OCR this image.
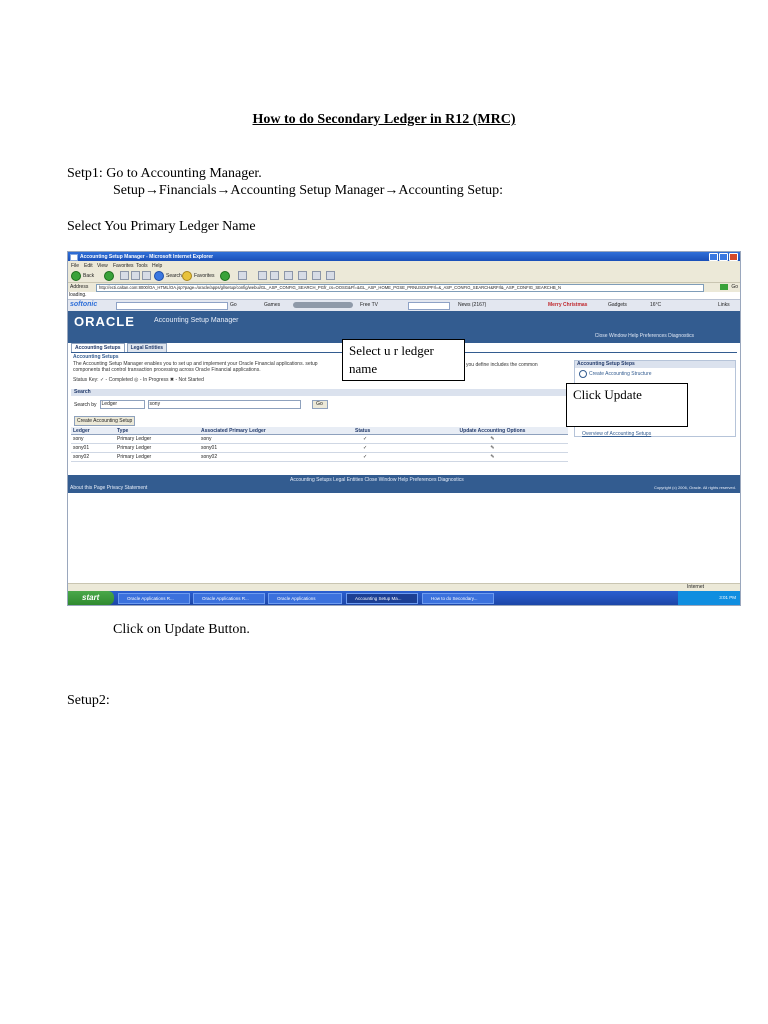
How to do Secondary Ledger in R12 (MRC)
Setp1: Go to Accounting Manager.
Setup→Financials→Accounting Setup Manager→Accounting Setup:
Select You Primary Ledger Name
Accounting Setup Manager - Microsoft Internet Explorer
File Edit View Favorites Tools Help
Back	Search Favorites
Address	http://ecti.caltan.com:8000/OA_HTML/OA.jsp?page=/oracle/apps/gl/setup/config/webui/GL_ASP_CONFIG_SEARCH_PGfr_cs=OOSG&Ff=&GL_ASP_HOME_PGSE_PRNUSOUPFrl=&_ASP_CONFIG_SEARCH&RFrl&_ASP_CONFIG_SEARCHB_N	Go
loading.
softonic	Go	Games	Free TV	News (2167)	Merry Christmas	Gadgets	16°C	Links
ORACLE	Accounting Setup Manager
Close Window Help Preferences Diagnostics
Accounting Setups	Legal Entities
Accounting Setups
The Accounting Setup Manager enables you to set up and implement your Oracle Financial applications. setup components that control transaction processing across Oracle Financial applications.
you define includes the common
Status Key: ✓ - Completed ◎ - In Progress ✖ - Not Started
Accounting Setup Steps
Create Accounting Structure
Overview of Accounting Setups
Search
Search by	Ledger	sony	Go
Create Accounting Setup
Ledger	Type	Associated Primary Ledger	Status	Update Accounting Options
sony	Primary Ledger	sony	✓	✎
sony01	Primary Ledger	sony01	✓	✎
sony02	Primary Ledger	sony02	✓	✎
Accounting Setups Legal Entities Close Window Help Preferences Diagnostics
About this Page Privacy Statement	Copyright (c) 2006, Oracle. All rights reserved.
Select u r ledger name
Click Update
Internet
start	Oracle Applications R...	Oracle Applications R...	Oracle Applications	Accounting Setup Ma...	How to do Secondary...	3:01 PM
Click on Update Button.
Setup2:
